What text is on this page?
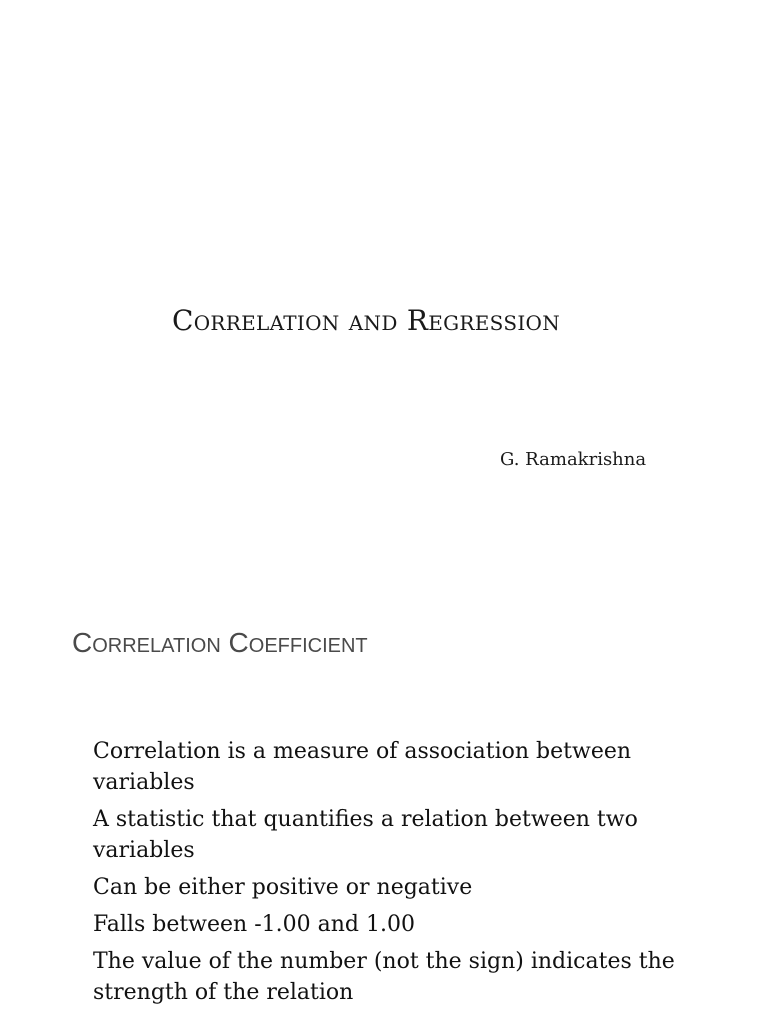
Correlation and Regression
G. Ramakrishna
Correlation Coefficient
Correlation is a measure of association between variables
A statistic that quantifies a relation between two variables
Can be either positive or negative
Falls between -1.00 and 1.00
The value of the number (not the sign) indicates the strength of the relation
